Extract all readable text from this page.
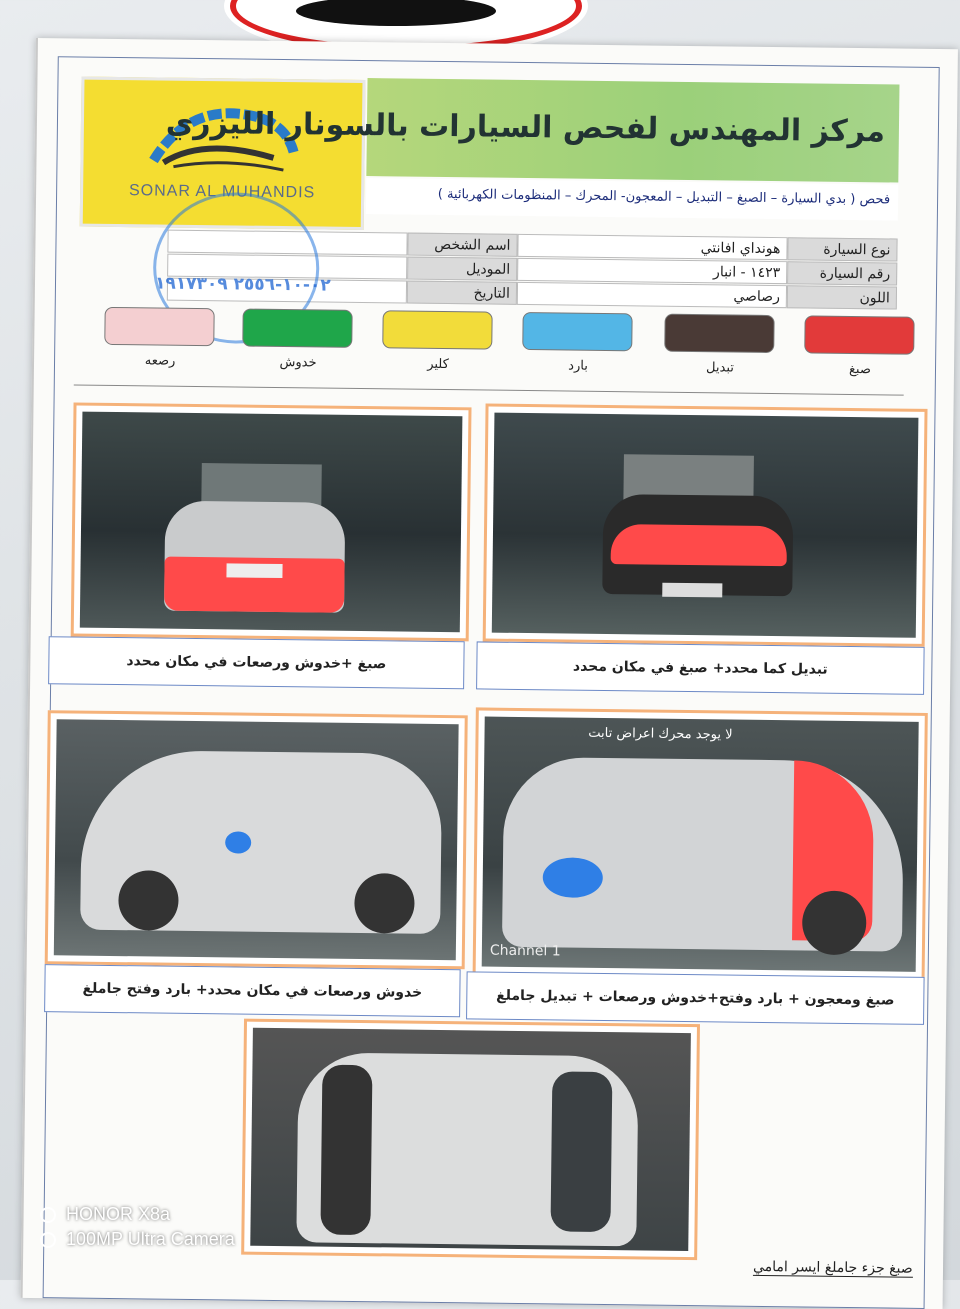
SONAR AL MUHANDIS
مركز المهندس لفحص السيارات بالسونار الليزري
فحص ( بدي السيارة – الصبغ – التبديل – المعجون- المحرك – المنظومات الكهربائية )
نوع السيارة
هونداي افانتي
اسم الشخص
رقم السيارة
١٤٢٣ - انبار
الموديل
اللون
رصاصي
التاريخ
٠٢-١٠-٢٥٥٦ ١٩١٧٣٠٩
صبغ
تبديل
بارد
كلير
خدوش
رصعه
تبديل كما محدد+ صبغ في مكان محدد
صبغ +خدوش ورصعات في مكان محدد
لا يوجد محرك اعراض تابت
Channel 1
صبغ ومعجون + بارد وفتح+خدوش ورصعات + تبديل جاملغ
خدوش ورصعات في مكان محدد+ بارد وفتح جاملغ
صبغ جزء جاملغ ايسر امامي
HONOR X8a
100MP Ultra Camera
